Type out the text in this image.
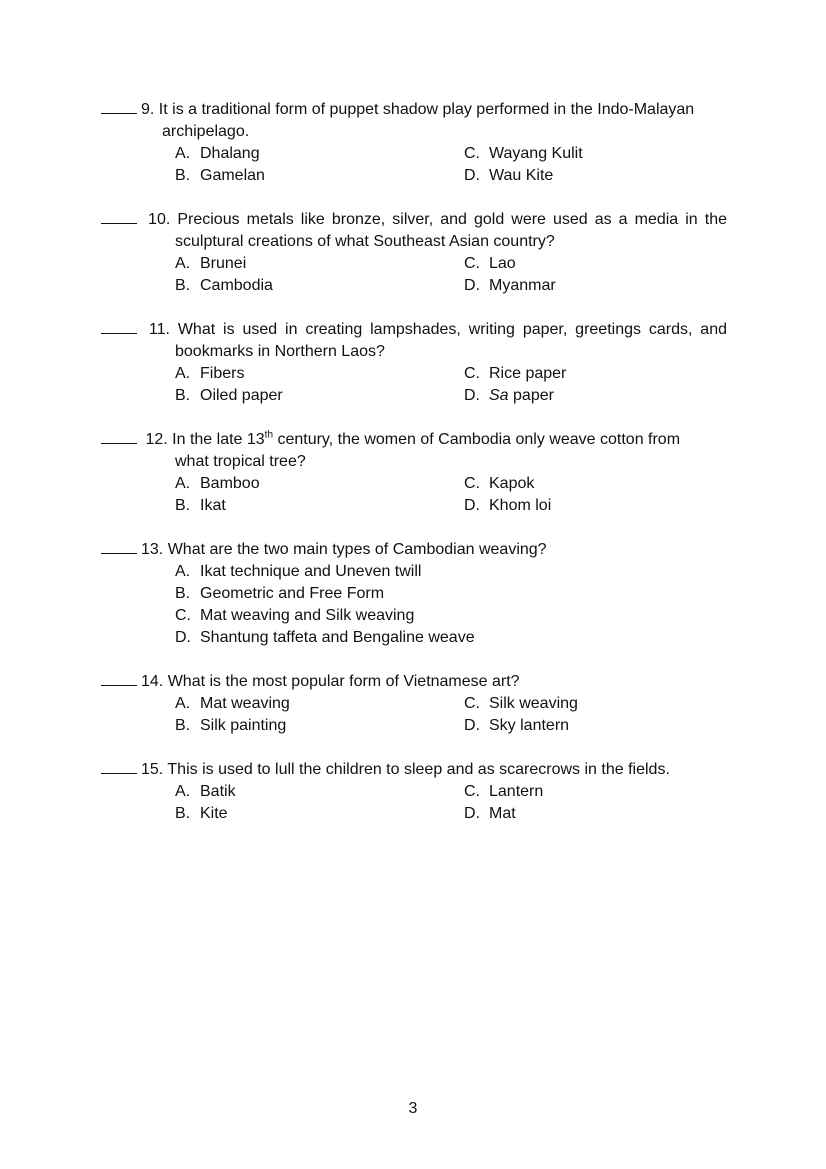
9. It is a traditional form of puppet shadow play performed in the Indo-Malayan
archipelago.
A. Dhalang	C. Wayang Kulit
B. Gamelan	D. Wau Kite
10. Precious metals like bronze, silver, and gold were used as a media in the
sculptural creations of what Southeast Asian country?
A. Brunei	C. Lao
B. Cambodia	D. Myanmar
11. What is used in creating lampshades, writing paper, greetings cards, and
bookmarks in Northern Laos?
A. Fibers	C. Rice paper
B. Oiled paper	D. Sa paper
12. In the late 13th century, the women of Cambodia only weave cotton from
what tropical tree?
A. Bamboo	C. Kapok
B. Ikat	D. Khom loi
13. What are the two main types of Cambodian weaving?
A. Ikat technique and Uneven twill
B. Geometric and Free Form
C. Mat weaving and Silk weaving
D. Shantung taffeta and Bengaline weave
14. What is the most popular form of Vietnamese art?
A. Mat weaving	C. Silk weaving
B. Silk painting	D. Sky lantern
15. This is used to lull the children to sleep and as scarecrows in the fields.
A. Batik	C. Lantern
B. Kite	D. Mat
3
